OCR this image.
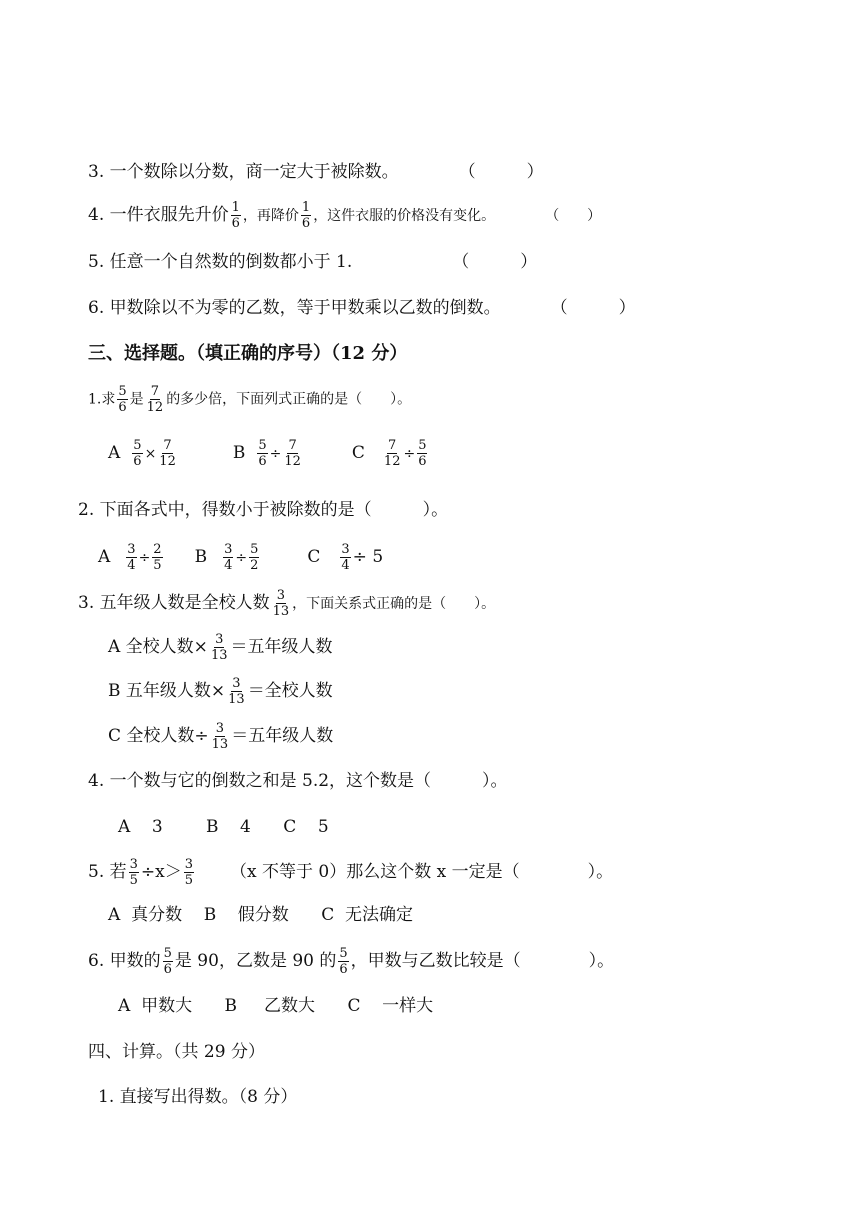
3. 一个数除以分数，商一定大于被除数。	（　　　）
4. 一件衣服先升价 $\frac{1}{6}$ ，再降价 $\frac{1}{6}$ ，这件衣服的价格没有变化。	（　　）
5. 任意一个自然数的倒数都小于 1.	（　　　）
6. 甲数除以不为零的乙数，等于甲数乘以乙数的倒数。	（　　　）
三、选择题。（填正确的序号）（12 分）
1.求 $\frac{5}{6}$ 是 $\frac{7}{12}$ 的多少倍，下面列式正确的是（　　）。
A $\frac{5}{6} \times \frac{7}{12}$	B $\frac{5}{6} \div \frac{7}{12}$	C $\frac{7}{12} \div \frac{5}{6}$
2. 下面各式中，得数小于被除数的是（　　　）。
A $\frac{3}{4} \div \frac{2}{5}$ B $\frac{3}{4} \div \frac{5}{2}$	C $\frac{3}{4} \div 5$
3. 五年级人数是全校人数 $\frac{3}{13}$ ，下面关系式正确的是（　　）。
A 全校人数× $\frac{3}{13}$ ＝五年级人数
B 五年级人数× $\frac{3}{13}$ ＝全校人数
C 全校人数÷ $\frac{3}{13}$ ＝五年级人数
4. 一个数与它的倒数之和是 5.2，这个数是（　　　）。
A    3        B    4      C    5
5. 若 $\frac{3}{5} \div x> \frac{3}{5} (x$ 不等于 0）那么这个数 x 一定是（　　　　）。
A  真分数    B    假分数      C  无法确定
6. 甲数的 $\frac{5}{6}$ 是 90，乙数是 90 的 $\frac{5}{6}$ ，甲数与乙数比较是（　　　　）。
A  甲数大      B     乙数大      C    一样大
四、计算。（共 29 分）
1. 直接写出得数。（8 分）
